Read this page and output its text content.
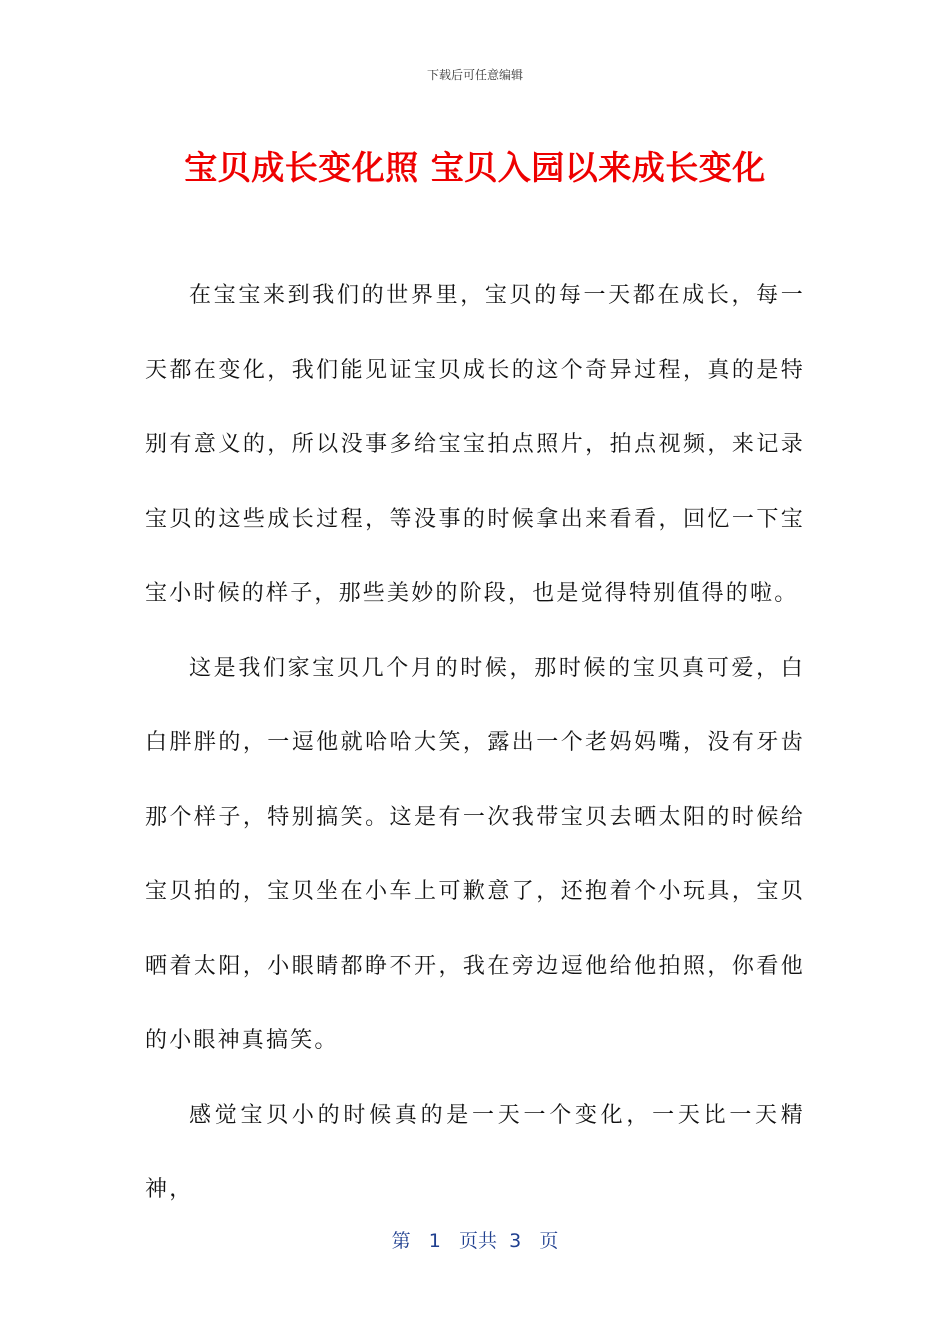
下载后可任意编辑
宝贝成长变化照 宝贝入园以来成长变化

在宝宝来到我们的世界里，宝贝的每一天都在成长，每一天都在变化，我们能见证宝贝成长的这个奇异过程，真的是特别有意义的，所以没事多给宝宝拍点照片，拍点视频，来记录宝贝的这些成长过程，等没事的时候拿出来看看，回忆一下宝宝小时候的样子，那些美妙的阶段，也是觉得特别值得的啦。

这是我们家宝贝几个月的时候，那时候的宝贝真可爱，白白胖胖的，一逗他就哈哈大笑，露出一个老妈妈嘴，没有牙齿那个样子，特别搞笑。这是有一次我带宝贝去晒太阳的时候给宝贝拍的，宝贝坐在小车上可歉意了，还抱着个小玩具，宝贝晒着太阳，小眼睛都睁不开，我在旁边逗他给他拍照，你看他的小眼神真搞笑。

感觉宝贝小的时候真的是一天一个变化，一天比一天精神，

第 1 页共 3 页
